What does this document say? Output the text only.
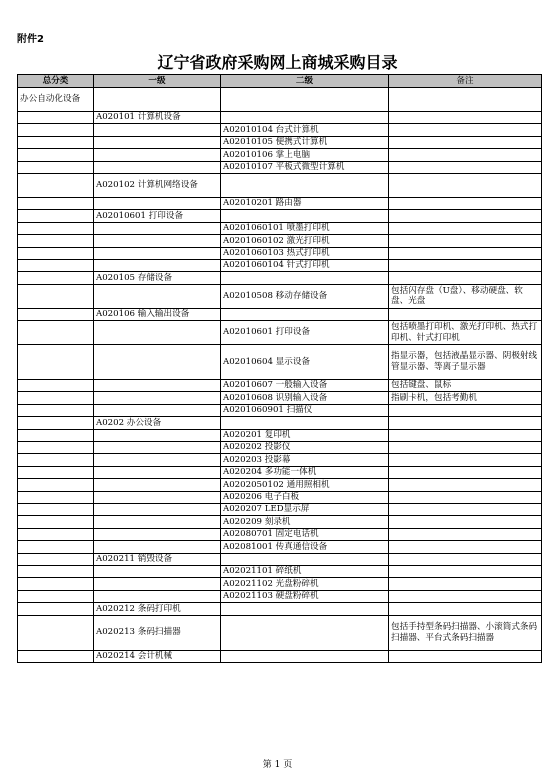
附件2
辽宁省政府采购网上商城采购目录
总分类	一级	二级	备注
办公自动化设备			
	A020101 计算机设备		
		A02010104 台式计算机	
		A02010105 便携式计算机	
		A02010106 掌上电脑	
		A02010107 平板式微型计算机	
	A020102 计算机网络设备		
		A02010201 路由器	
	A02010601 打印设备		
		A0201060101 喷墨打印机	
		A0201060102 激光打印机	
		A0201060103 热式打印机	
		A0201060104 针式打印机	
	A020105 存储设备		
		A02010508 移动存储设备	包括闪存盘（U盘）、移动硬盘、软盘、光盘
	A020106 输入输出设备		
		A02010601 打印设备	包括喷墨打印机、激光打印机、热式打印机、针式打印机
		A02010604 显示设备	指显示器，包括液晶显示器、阴极射线管显示器、等离子显示器
		A02010607 一般输入设备	包括键盘、鼠标
		A02010608 识别输入设备	指刷卡机，包括考勤机
		A0201060901 扫描仪	
	A0202 办公设备		
		A020201 复印机	
		A020202 投影仪	
		A020203 投影幕	
		A020204 多功能一体机	
		A0202050102 通用照相机	
		A020206 电子白板	
		A020207 LED显示屏	
		A020209 刻录机	
		A02080701 固定电话机	
		A02081001 传真通信设备	
	A020211 销毁设备		
		A02021101 碎纸机	
		A02021102 光盘粉碎机	
		A02021103 硬盘粉碎机	
	A020212 条码打印机		
	A020213 条码扫描器		包括手持型条码扫描器、小滚筒式条码扫描器、平台式条码扫描器
	A020214 会计机械		
第 1 页
